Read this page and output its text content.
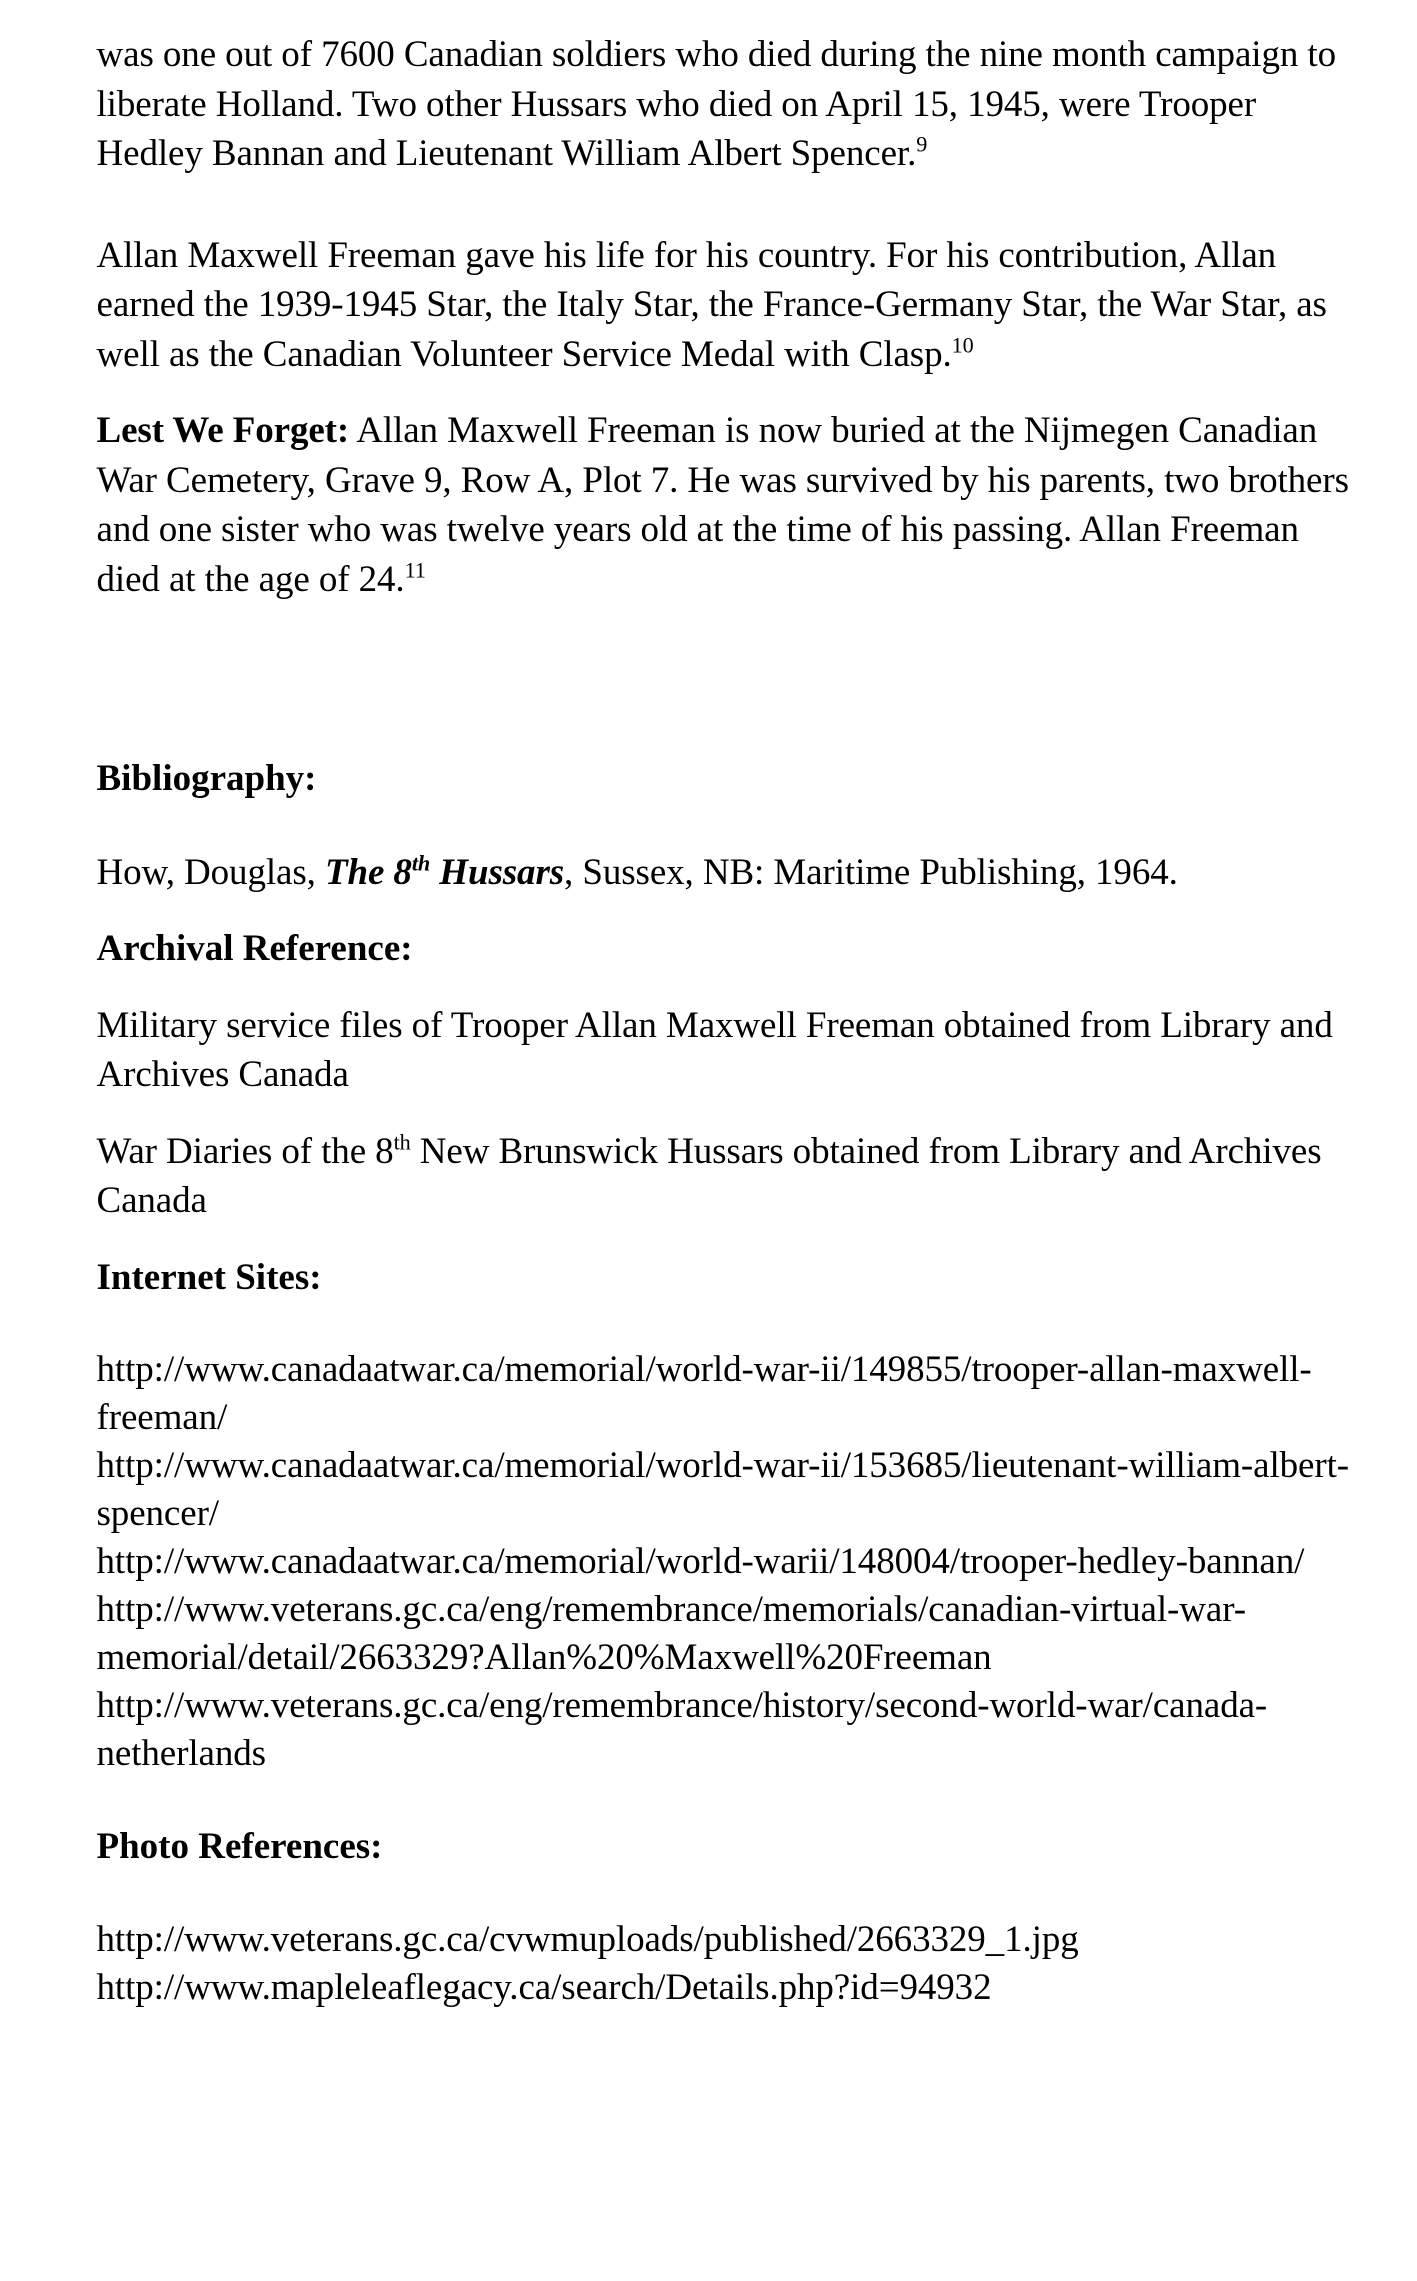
was one out of 7600 Canadian soldiers who died during the nine month campaign to liberate Holland. Two other Hussars who died on April 15, 1945, were Trooper Hedley Bannan and Lieutenant William Albert Spencer.$^9$

Allan Maxwell Freeman gave his life for his country. For his contribution, Allan earned the 1939-1945 Star, the Italy Star, the France-Germany Star, the War Star, as well as the Canadian Volunteer Service Medal with Clasp.$^{10}$

Lest We Forget: Allan Maxwell Freeman is now buried at the Nijmegen Canadian War Cemetery, Grave 9, Row A, Plot 7. He was survived by his parents, two brothers and one sister who was twelve years old at the time of his passing. Allan Freeman died at the age of 24.11

Bibliography:

How, Douglas, The 8th Hussars, Sussex, NB: Maritime Publishing, 1964.

Archival Reference:

Military service files of Trooper Allan Maxwell Freeman obtained from Library and Archives Canada

War Diaries of the 8th New Brunswick Hussars obtained from Library and Archives Canada

Internet Sites:

http://www.canadaatwar.ca/memorial/world-war-ii/149855/trooper-allan-maxwell-freeman/

http://www.canadaatwar.ca/memorial/world-war-ii/153685/lieutenant-william-albert-spencer/

http://www.canadaatwar.ca/memorial/world-warii/148004/trooper-hedley-bannan/

http://www.veterans.gc.ca/eng/remembrance/memorials/canadian-virtual-war-memorial/detail/2663329?Allan%20%Maxwell%20Freeman

http://www.veterans.gc.ca/eng/remembrance/history/second-world-war/canada-netherlands

Photo References:

http://www.veterans.gc.ca/cvwmuploads/published/2663329_1.jpg

http://www.mapleleaflegacy.ca/search/Details.php?id=94932
